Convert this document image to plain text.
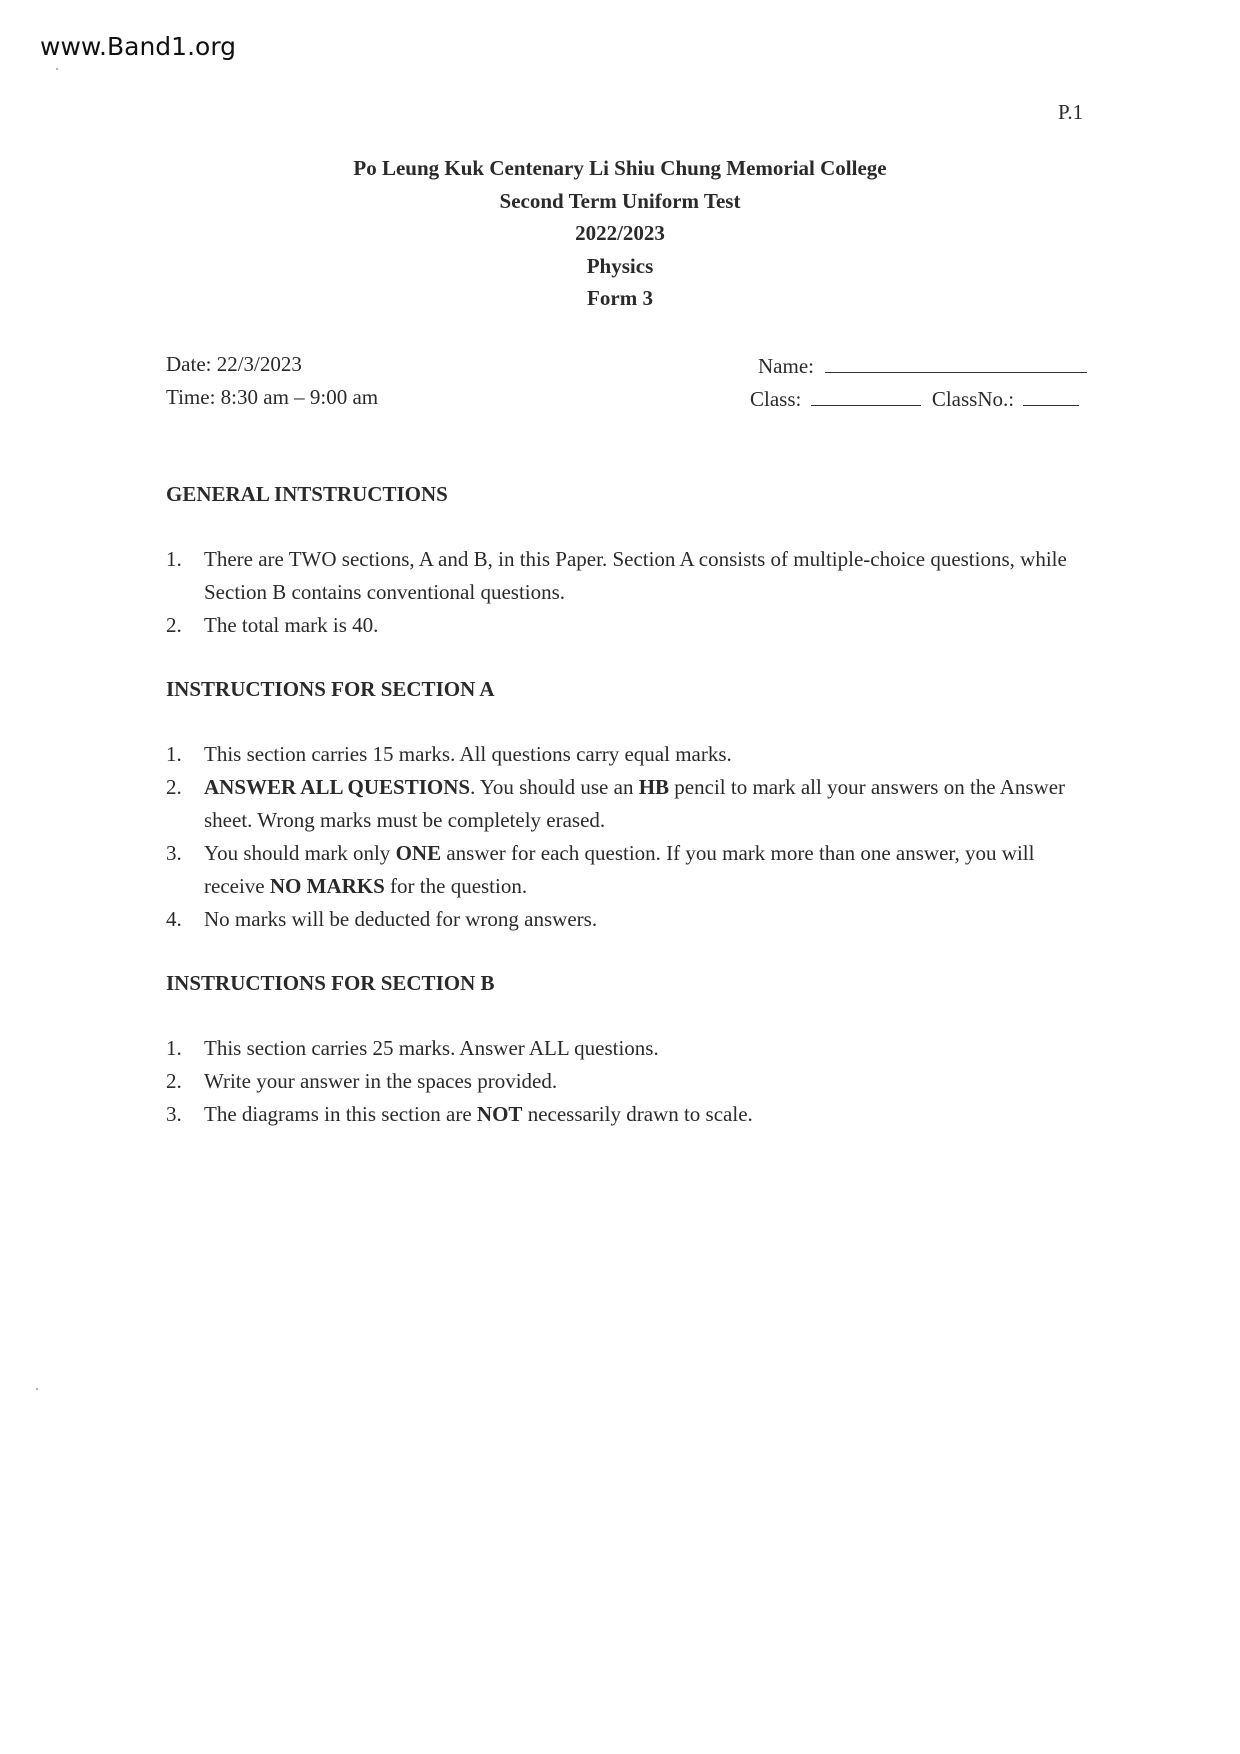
www.Band1.org
P.1
Po Leung Kuk Centenary Li Shiu Chung Memorial College
Second Term Uniform Test
2022/2023
Physics
Form 3
Date: 22/3/2023
Time: 8:30 am – 9:00 am
Name:
Class:	ClassNo.:
GENERAL INTSTRUCTIONS
1. There are TWO sections, A and B, in this Paper. Section A consists of multiple-choice questions, while Section B contains conventional questions.
2. The total mark is 40.
INSTRUCTIONS FOR SECTION A
1. This section carries 15 marks. All questions carry equal marks.
2. ANSWER ALL QUESTIONS. You should use an HB pencil to mark all your answers on the Answer sheet. Wrong marks must be completely erased.
3. You should mark only ONE answer for each question. If you mark more than one answer, you will receive NO MARKS for the question.
4. No marks will be deducted for wrong answers.
INSTRUCTIONS FOR SECTION B
1. This section carries 25 marks. Answer ALL questions.
2. Write your answer in the spaces provided.
3. The diagrams in this section are NOT necessarily drawn to scale.
